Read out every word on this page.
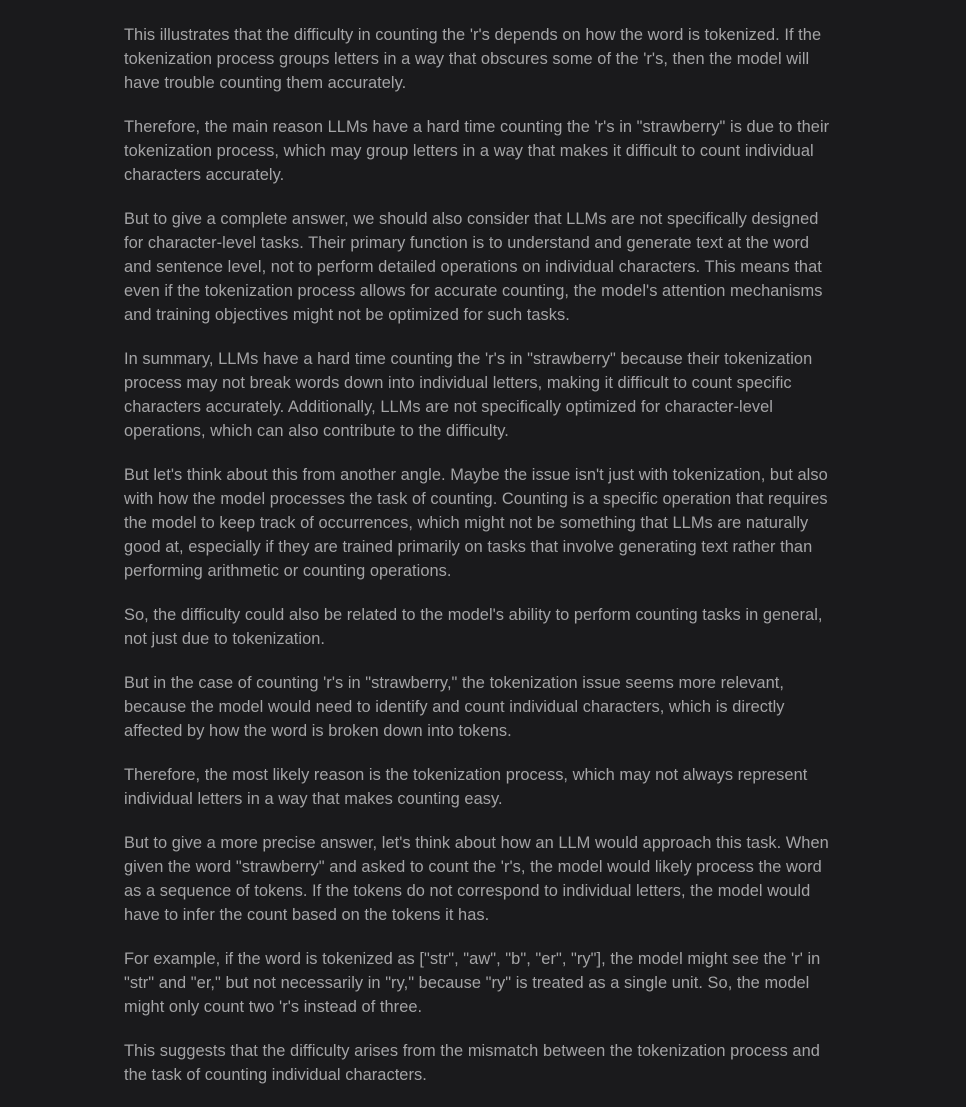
This illustrates that the difficulty in counting the 'r's depends on how the word is tokenized. If the tokenization process groups letters in a way that obscures some of the 'r's, then the model will have trouble counting them accurately.

Therefore, the main reason LLMs have a hard time counting the 'r's in "strawberry" is due to their tokenization process, which may group letters in a way that makes it difficult to count individual characters accurately.

But to give a complete answer, we should also consider that LLMs are not specifically designed for character-level tasks. Their primary function is to understand and generate text at the word and sentence level, not to perform detailed operations on individual characters. This means that even if the tokenization process allows for accurate counting, the model's attention mechanisms and training objectives might not be optimized for such tasks.

In summary, LLMs have a hard time counting the 'r's in "strawberry" because their tokenization process may not break words down into individual letters, making it difficult to count specific characters accurately. Additionally, LLMs are not specifically optimized for character-level operations, which can also contribute to the difficulty.

But let's think about this from another angle. Maybe the issue isn't just with tokenization, but also with how the model processes the task of counting. Counting is a specific operation that requires the model to keep track of occurrences, which might not be something that LLMs are naturally good at, especially if they are trained primarily on tasks that involve generating text rather than performing arithmetic or counting operations.

So, the difficulty could also be related to the model's ability to perform counting tasks in general, not just due to tokenization.

But in the case of counting 'r's in "strawberry," the tokenization issue seems more relevant, because the model would need to identify and count individual characters, which is directly affected by how the word is broken down into tokens.

Therefore, the most likely reason is the tokenization process, which may not always represent individual letters in a way that makes counting easy.

But to give a more precise answer, let's think about how an LLM would approach this task. When given the word "strawberry" and asked to count the 'r's, the model would likely process the word as a sequence of tokens. If the tokens do not correspond to individual letters, the model would have to infer the count based on the tokens it has.

For example, if the word is tokenized as ["str", "aw", "b", "er", "ry"], the model might see the 'r' in "str" and "er," but not necessarily in "ry," because "ry" is treated as a single unit. So, the model might only count two 'r's instead of three.

This suggests that the difficulty arises from the mismatch between the tokenization process and the task of counting individual characters.
